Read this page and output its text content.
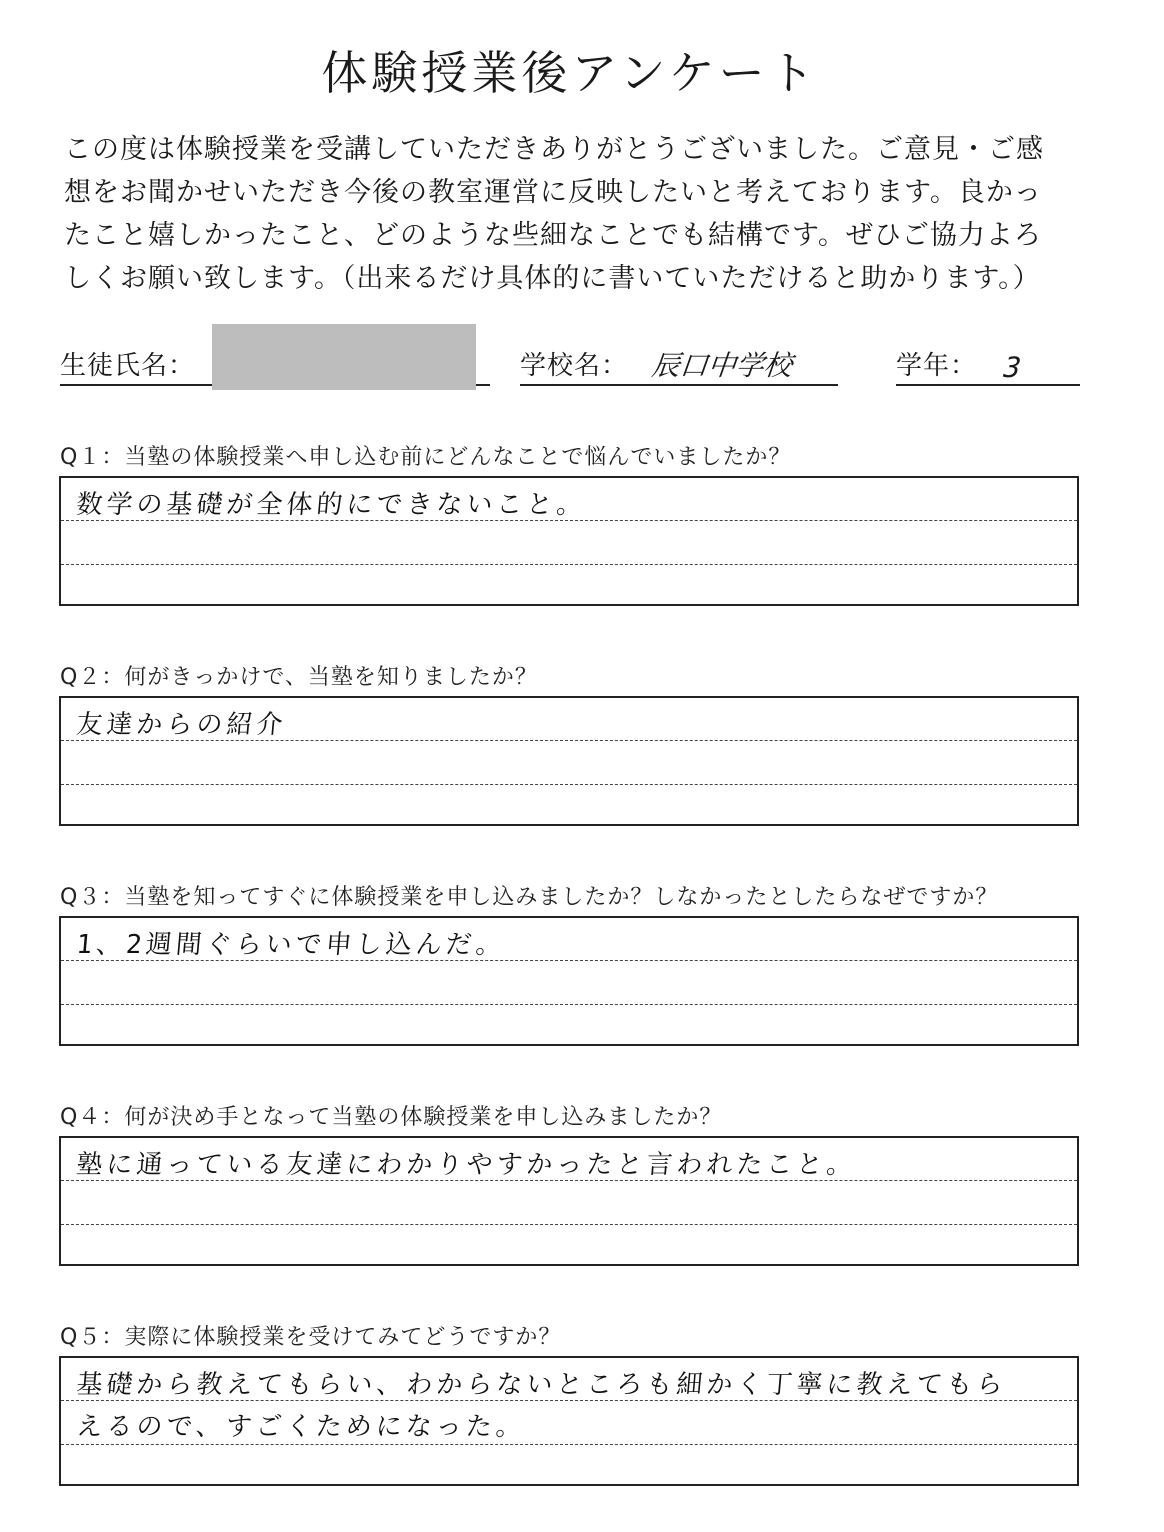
体験授業後アンケート
この度は体験授業を受講していただきありがとうございました。ご意見・ご感
想をお聞かせいただき今後の教室運営に反映したいと考えております。良かっ
たこと嬉しかったこと、どのような些細なことでも結構です。ぜひご協力よろ
しくお願い致します。（出来るだけ具体的に書いていただけると助かります。）
生徒氏名：	学校名： 辰口中学校	学年： 3
Q１：当塾の体験授業へ申し込む前にどんなことで悩んでいましたか？
数学の基礎が全体的にできないこと。
Q２：何がきっかけで、当塾を知りましたか？
友達からの紹介
Q３：当塾を知ってすぐに体験授業を申し込みましたか？しなかったとしたらなぜですか？
1、2週間ぐらいで申し込んだ。
Q４：何が決め手となって当塾の体験授業を申し込みましたか？
塾に通っている友達にわかりやすかったと言われたこと。
Q５：実際に体験授業を受けてみてどうですか？
基礎から教えてもらい、わからないところも細かく丁寧に教えてもら
えるので、すごくためになった。
